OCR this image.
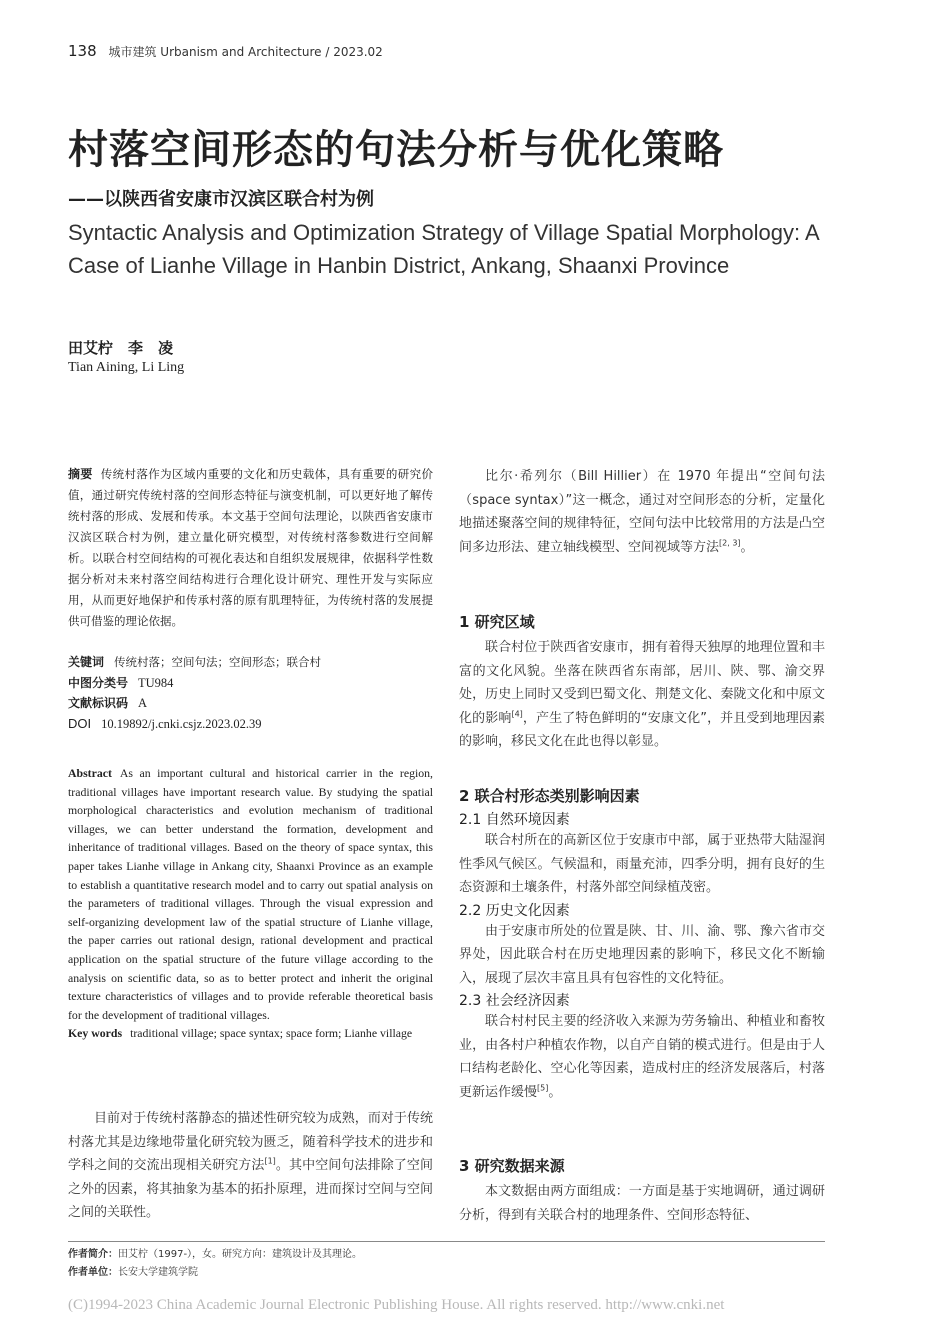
138 城市建筑 Urbanism and Architecture / 2023.02
村落空间形态的句法分析与优化策略
——以陕西省安康市汉滨区联合村为例
Syntactic Analysis and Optimization Strategy of Village Spatial Morphology: A Case of Lianhe Village in Hanbin District, Ankang, Shaanxi Province
田艾柠　李　凌
Tian Aining, Li Ling
摘要 传统村落作为区域内重要的文化和历史载体，具有重要的研究价值，通过研究传统村落的空间形态特征与演变机制，可以更好地了解传统村落的形成、发展和传承。本文基于空间句法理论，以陕西省安康市汉滨区联合村为例，建立量化研究模型，对传统村落参数进行空间解析。以联合村空间结构的可视化表达和自组织发展规律，依据科学性数据分析对未来村落空间结构进行合理化设计研究、理性开发与实际应用，从而更好地保护和传承村落的原有肌理特征，为传统村落的发展提供可借鉴的理论依据。
关键词 传统村落；空间句法；空间形态；联合村
中图分类号 TU984
文献标识码 A
DOI 10.19892/j.cnki.csjz.2023.02.39
Abstract As an important cultural and historical carrier in the region, traditional villages have important research value. By studying the spatial morphological characteristics and evolution mechanism of traditional villages, we can better understand the formation, development and inheritance of traditional villages. Based on the theory of space syntax, this paper takes Lianhe village in Ankang city, Shaanxi Province as an example to establish a quantitative research model and to carry out spatial analysis on the parameters of traditional villages. Through the visual expression and self-organizing development law of the spatial structure of Lianhe village, the paper carries out rational design, rational development and practical application on the spatial structure of the future village according to the analysis on scientific data, so as to better protect and inherit the original texture characteristics of villages and to provide referable theoretical basis for the development of traditional villages.
Key words traditional village; space syntax; space form; Lianhe village
目前对于传统村落静态的描述性研究较为成熟，而对于传统村落尤其是边缘地带量化研究较为匮乏，随着科学技术的进步和学科之间的交流出现相关研究方法[1]。其中空间句法排除了空间之外的因素，将其抽象为基本的拓扑原理，进而探讨空间与空间之间的关联性。
比尔·希列尔（Bill Hillier）在 1970 年提出“空间句法（space syntax）”这一概念，通过对空间形态的分析，定量化地描述聚落空间的规律特征，空间句法中比较常用的方法是凸空间多边形法、建立轴线模型、空间视域等方法[2, 3]。
1 研究区域
联合村位于陕西省安康市，拥有着得天独厚的地理位置和丰富的文化风貌。坐落在陕西省东南部，居川、陕、鄂、渝交界处，历史上同时又受到巴蜀文化、荆楚文化、秦陇文化和中原文化的影响[4]，产生了特色鲜明的“安康文化”，并且受到地理因素的影响，移民文化在此也得以彰显。
2 联合村形态类别影响因素
2.1 自然环境因素
联合村所在的高新区位于安康市中部，属于亚热带大陆湿润性季风气候区。气候温和，雨量充沛，四季分明，拥有良好的生态资源和土壤条件，村落外部空间绿植茂密。
2.2 历史文化因素
由于安康市所处的位置是陕、甘、川、渝、鄂、豫六省市交界处，因此联合村在历史地理因素的影响下，移民文化不断输入，展现了层次丰富且具有包容性的文化特征。
2.3 社会经济因素
联合村村民主要的经济收入来源为劳务输出、种植业和畜牧业，由各村户种植农作物，以自产自销的模式进行。但是由于人口结构老龄化、空心化等因素，造成村庄的经济发展落后，村落更新运作缓慢[5]。
3 研究数据来源
本文数据由两方面组成：一方面是基于实地调研，通过调研分析，得到有关联合村的地理条件、空间形态特征、
作者简介：田艾柠（1997-），女。研究方向：建筑设计及其理论。
作者单位：长安大学建筑学院
(C)1994-2023 China Academic Journal Electronic Publishing House. All rights reserved. http://www.cnki.net
